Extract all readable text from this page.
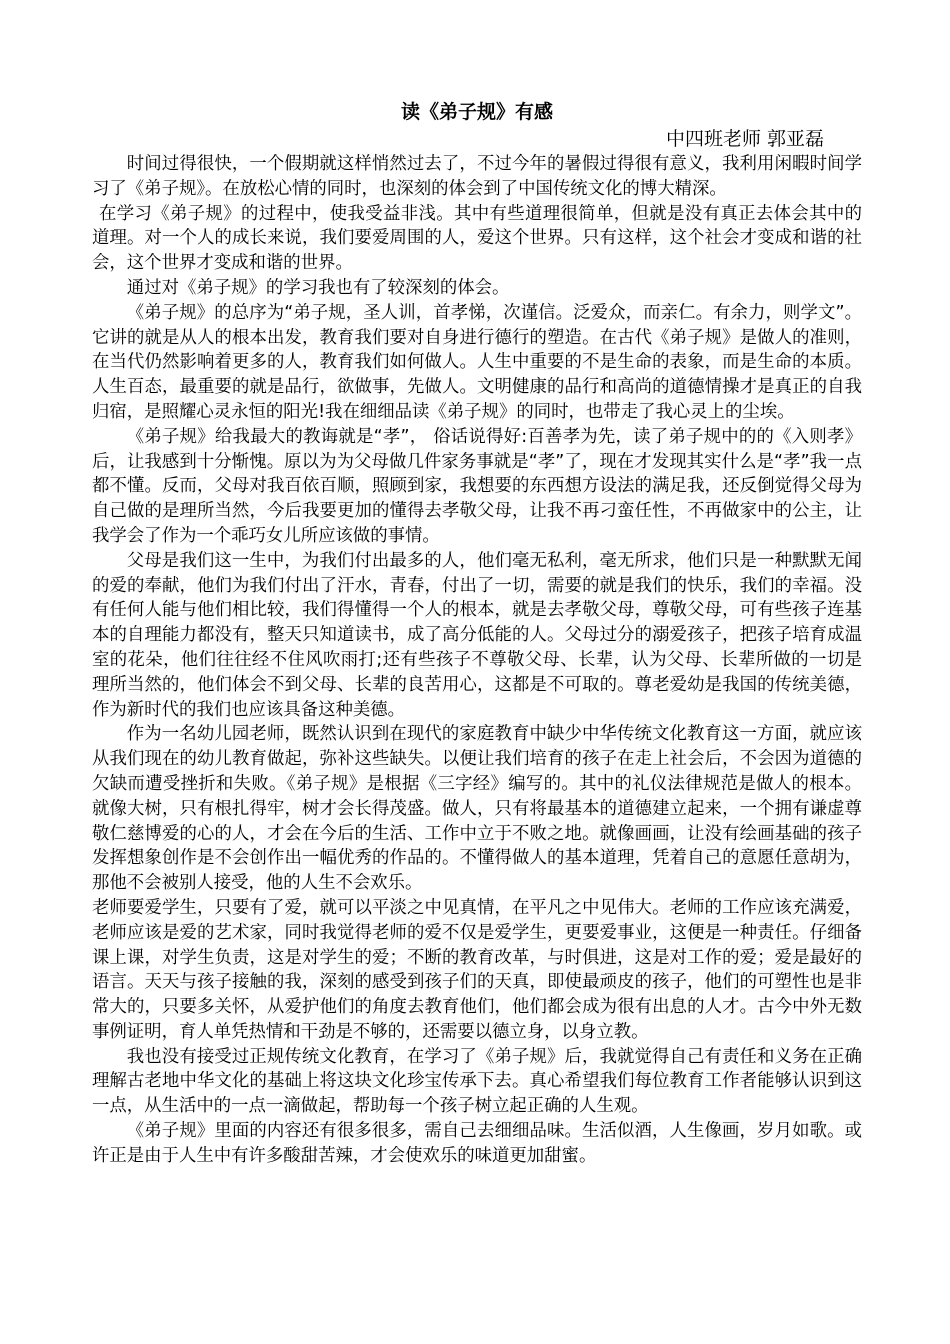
读《弟子规》有感
中四班老师 郭亚磊

时间过得很快，一个假期就这样悄然过去了，不过今年的暑假过得很有意义，我利用闲暇时间学习了《弟子规》。在放松心情的同时，也深刻的体会到了中国传统文化的博大精深。

在学习《弟子规》的过程中，使我受益非浅。其中有些道理很简单，但就是没有真正去体会其中的道理。对一个人的成长来说，我们要爱周围的人，爱这个世界。只有这样，这个社会才变成和谐的社会，这个世界才变成和谐的世界。

通过对《弟子规》的学习我也有了较深刻的体会。

《弟子规》的总序为“弟子规，圣人训，首孝悌，次谨信。泛爱众，而亲仁。有余力，则学文”。它讲的就是从人的根本出发，教育我们要对自身进行德行的塑造。在古代《弟子规》是做人的准则，在当代仍然影响着更多的人，教育我们如何做人。人生中重要的不是生命的表象，而是生命的本质。人生百态，最重要的就是品行，欲做事，先做人。文明健康的品行和高尚的道德情操才是真正的自我归宿，是照耀心灵永恒的阳光!我在细细品读《弟子规》的同时，也带走了我心灵上的尘埃。

《弟子规》给我最大的教诲就是“孝”， 俗话说得好:百善孝为先，读了弟子规中的的《入则孝》后，让我感到十分惭愧。原以为为父母做几件家务事就是“孝”了，现在才发现其实什么是“孝”我一点都不懂。反而，父母对我百依百顺，照顾到家，我想要的东西想方设法的满足我，还反倒觉得父母为自己做的是理所当然，今后我要更加的懂得去孝敬父母，让我不再刁蛮任性，不再做家中的公主，让我学会了作为一个乖巧女儿所应该做的事情。

父母是我们这一生中，为我们付出最多的人，他们毫无私利，毫无所求，他们只是一种默默无闻的爱的奉献，他们为我们付出了汗水，青春，付出了一切，需要的就是我们的快乐，我们的幸福。没有任何人能与他们相比较，我们得懂得一个人的根本，就是去孝敬父母，尊敬父母，可有些孩子连基本的自理能力都没有，整天只知道读书，成了高分低能的人。父母过分的溺爱孩子，把孩子培育成温室的花朵，他们往往经不住风吹雨打;还有些孩子不尊敬父母、长辈，认为父母、长辈所做的一切是理所当然的，他们体会不到父母、长辈的良苦用心，这都是不可取的。尊老爱幼是我国的传统美德，作为新时代的我们也应该具备这种美德。

作为一名幼儿园老师，既然认识到在现代的家庭教育中缺少中华传统文化教育这一方面，就应该从我们现在的幼儿教育做起，弥补这些缺失。以便让我们培育的孩子在走上社会后，不会因为道德的欠缺而遭受挫折和失败。《弟子规》是根据《三字经》编写的。其中的礼仪法律规范是做人的根本。就像大树，只有根扎得牢，树才会长得茂盛。做人，只有将最基本的道德建立起来，一个拥有谦虚尊敬仁慈博爱的心的人，才会在今后的生活、工作中立于不败之地。就像画画，让没有绘画基础的孩子发挥想象创作是不会创作出一幅优秀的作品的。不懂得做人的基本道理，凭着自己的意愿任意胡为，那他不会被别人接受，他的人生不会欢乐。

老师要爱学生，只要有了爱，就可以平淡之中见真情，在平凡之中见伟大。老师的工作应该充满爱，老师应该是爱的艺术家，同时我觉得老师的爱不仅是爱学生，更要爱事业，这便是一种责任。仔细备课上课，对学生负责，这是对学生的爱；不断的教育改革，与时俱进，这是对工作的爱；爱是最好的语言。天天与孩子接触的我，深刻的感受到孩子们的天真，即使最顽皮的孩子，他们的可塑性也是非常大的，只要多关怀，从爱护他们的角度去教育他们，他们都会成为很有出息的人才。古今中外无数事例证明，育人单凭热情和干劲是不够的，还需要以德立身，以身立教。

我也没有接受过正规传统文化教育，在学习了《弟子规》后，我就觉得自己有责任和义务在正确理解古老地中华文化的基础上将这块文化珍宝传承下去。真心希望我们每位教育工作者能够认识到这一点，从生活中的一点一滴做起，帮助每一个孩子树立起正确的人生观。

《弟子规》里面的内容还有很多很多，需自己去细细品味。生活似酒，人生像画，岁月如歌。或许正是由于人生中有许多酸甜苦辣，才会使欢乐的味道更加甜蜜。
